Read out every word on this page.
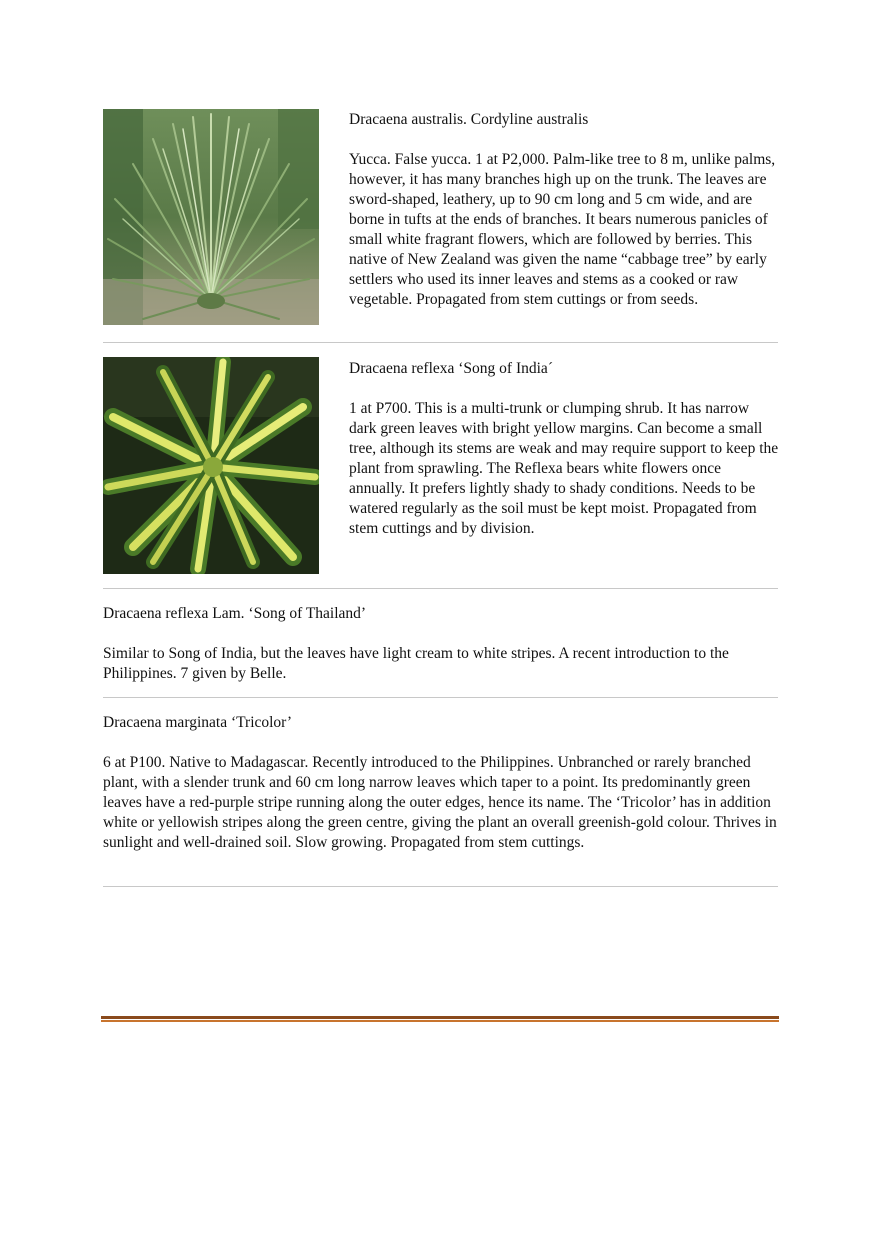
Dracaena australis. Cordyline australis

Yucca. False yucca. 1 at P2,000. Palm-like tree to 8 m, unlike palms, however, it has many branches high up on the trunk. The leaves are sword-shaped, leathery, up to 90 cm long and 5 cm wide, and are borne in tufts at the ends of branches. It bears numerous panicles of small white fragrant flowers, which are followed by berries. This native of New Zealand was given the name “cabbage tree” by early settlers who used its inner leaves and stems as a cooked or raw vegetable. Propagated from stem cuttings or from seeds.

Dracaena reflexa ‘Song of India´

1 at P700. This is a multi-trunk or clumping shrub. It has narrow dark green leaves with bright yellow margins. Can become a small tree, although its stems are weak and may require support to keep the plant from sprawling. The Reflexa bears white flowers once annually. It prefers lightly shady to shady conditions. Needs to be watered regularly as the soil must be kept moist. Propagated from stem cuttings and by division.

Dracaena reflexa Lam. ‘Song of Thailand’

Similar to Song of India, but the leaves have light cream to white stripes. A recent introduction to the Philippines. 7 given by Belle.

Dracaena marginata ‘Tricolor’

6 at P100. Native to Madagascar. Recently introduced to the Philippines. Unbranched or rarely branched plant, with a slender trunk and 60 cm long narrow leaves which taper to a point. Its predominantly green leaves have a red-purple stripe running along the outer edges, hence its name. The ‘Tricolor’ has in addition white or yellowish stripes along the green centre, giving the plant an overall greenish-gold colour. Thrives in sunlight and well-drained soil. Slow growing. Propagated from stem cuttings.
